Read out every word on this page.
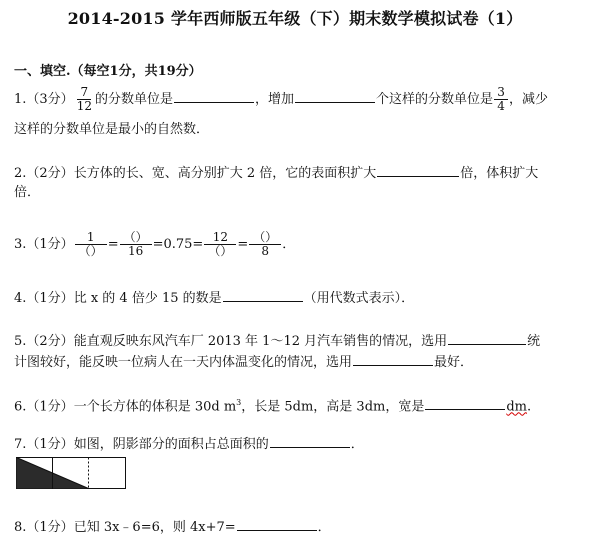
2014-2015 学年西师版五年级（下）期末数学模拟试卷（1）
一、填空.（每空1分，共19分）
1.（3分） $\frac{7}{12}$ 的分数单位是	，增加	个这样的分数单位是 $\frac{3}{4}$ ，减少
这样的分数单位是最小的自然数．
2.（2分）长方体的长、宽、高分别扩大 2 倍，它的表面积扩大	倍，体积扩大
倍．
3.（1分） $\frac{1}{()} = \frac{()}{16} =0.75= \frac{12}{()} = \frac{()}{8}$ ．
4.（1分）比 x 的 4 倍少 15 的数是	（用代数式表示）．
5.（2分）能直观反映东风汽车厂 2013 年 1～12 月汽车销售的情况，选用	统
计图较好，能反映一位病人在一天内体温变化的情况，选用	最好．
6.（1分）一个长方体的体积是 30d $m^3$，长是 5dm，高是 3dm，宽是	dm.
7.（1分）如图，阴影部分的面积占总面积的	．
8.（1分）已知 3x﹣6=6，则 4x+7=	．
